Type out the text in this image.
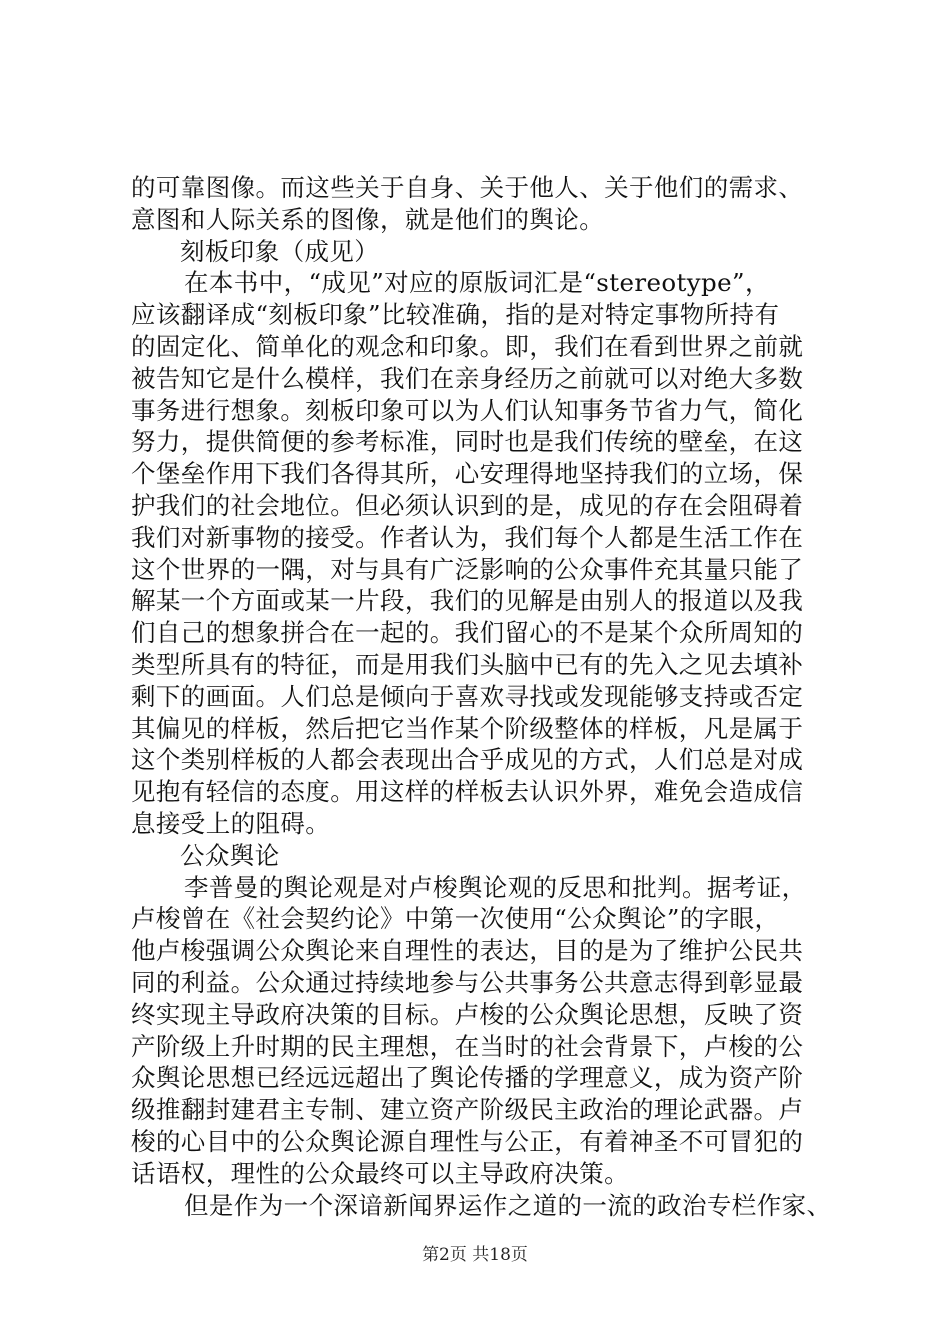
的可靠图像。而这些关于自身、关于他人、关于他们的需求、
意图和人际关系的图像，就是他们的舆论。
刻板印象（成见）
在本书中，“成见”对应的原版词汇是“stereotype”，
应该翻译成“刻板印象”比较准确，指的是对特定事物所持有
的固定化、简单化的观念和印象。即，我们在看到世界之前就
被告知它是什么模样，我们在亲身经历之前就可以对绝大多数
事务进行想象。刻板印象可以为人们认知事务节省力气，简化
努力，提供简便的参考标准，同时也是我们传统的壁垒，在这
个堡垒作用下我们各得其所，心安理得地坚持我们的立场，保
护我们的社会地位。但必须认识到的是，成见的存在会阻碍着
我们对新事物的接受。作者认为，我们每个人都是生活工作在
这个世界的一隅，对与具有广泛影响的公众事件充其量只能了
解某一个方面或某一片段，我们的见解是由别人的报道以及我
们自己的想象拼合在一起的。我们留心的不是某个众所周知的
类型所具有的特征，而是用我们头脑中已有的先入之见去填补
剩下的画面。人们总是倾向于喜欢寻找或发现能够支持或否定
其偏见的样板，然后把它当作某个阶级整体的样板，凡是属于
这个类别样板的人都会表现出合乎成见的方式，人们总是对成
见抱有轻信的态度。用这样的样板去认识外界，难免会造成信
息接受上的阻碍。
公众舆论
李普曼的舆论观是对卢梭舆论观的反思和批判。据考证，
卢梭曾在《社会契约论》中第一次使用“公众舆论”的字眼，
他卢梭强调公众舆论来自理性的表达，目的是为了维护公民共
同的利益。公众通过持续地参与公共事务公共意志得到彰显最
终实现主导政府决策的目标。卢梭的公众舆论思想，反映了资
产阶级上升时期的民主理想，在当时的社会背景下，卢梭的公
众舆论思想已经远远超出了舆论传播的学理意义，成为资产阶
级推翻封建君主专制、建立资产阶级民主政治的理论武器。卢
梭的心目中的公众舆论源自理性与公正，有着神圣不可冒犯的
话语权，理性的公众最终可以主导政府决策。
但是作为一个深谙新闻界运作之道的一流的政治专栏作家、
第2页 共18页
